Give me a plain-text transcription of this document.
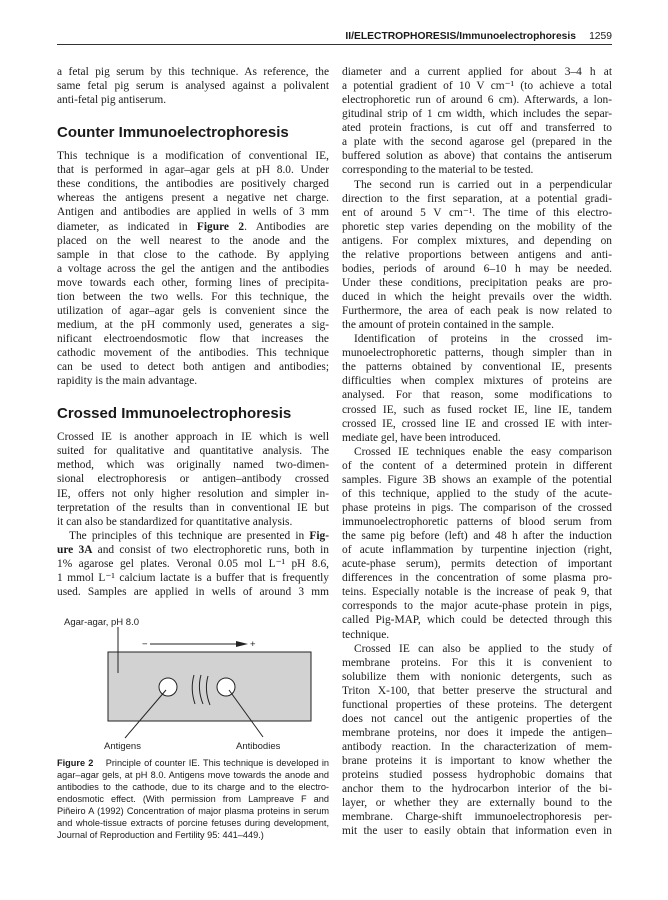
II/ELECTROPHORESIS/Immunoelectrophoresis 1259
a fetal pig serum by this technique. As reference, the
same fetal pig serum is analysed against a polivalent
anti-fetal pig antiserum.
Counter Immunoelectrophoresis
This technique is a modification of conventional IE,
that is performed in agar–agar gels at pH 8.0. Under
these conditions, the antibodies are positively charged
whereas the antigens present a negative net charge.
Antigen and antibodies are applied in wells of 3 mm
diameter, as indicated in Figure 2. Antibodies are
placed on the well nearest to the anode and the
sample in that close to the cathode. By applying
a voltage across the gel the antigen and the antibodies
move towards each other, forming lines of precipita-
tion between the two wells. For this technique, the
utilization of agar–agar gels is convenient since the
medium, at the pH commonly used, generates a sig-
nificant electroendosmotic flow that increases the
cathodic movement of the antibodies. This technique
can be used to detect both antigen and antibodies;
rapidity is the main advantage.
Crossed Immunoelectrophoresis
Crossed IE is another approach in IE which is well
suited for qualitative and quantitative analysis. The
method, which was originally named two-dimen-
sional electrophoresis or antigen–antibody crossed
IE, offers not only higher resolution and simpler in-
terpretation of the results than in conventional IE but
it can also be standardized for quantitative analysis.
The principles of this technique are presented in Fig-
ure 3A and consist of two electrophoretic runs, both in
1% agarose gel plates. Veronal 0.05 mol L⁻¹ pH 8.6,
1 mmol L⁻¹ calcium lactate is a buffer that is frequently
used. Samples are applied in wells of around 3 mm
diameter and a current applied for about 3–4 h at
a potential gradient of 10 V cm⁻¹ (to achieve a total
electrophoretic run of around 6 cm). Afterwards, a lon-
gitudinal strip of 1 cm width, which includes the separ-
ated protein fractions, is cut off and transferred to
a plate with the second agarose gel (prepared in the
buffered solution as above) that contains the antiserum
corresponding to the material to be tested.
The second run is carried out in a perpendicular
direction to the first separation, at a potential gradi-
ent of around 5 V cm⁻¹. The time of this electro-
phoretic step varies depending on the mobility of the
antigens. For complex mixtures, and depending on
the relative proportions between antigens and anti-
bodies, periods of around 6–10 h may be needed.
Under these conditions, precipitation peaks are pro-
duced in which the height prevails over the width.
Furthermore, the area of each peak is now related to
the amount of protein contained in the sample.
Identification of proteins in the crossed im-
munoelectrophoretic patterns, though simpler than in
the patterns obtained by conventional IE, presents
difficulties when complex mixtures of proteins are
analysed. For that reason, some modifications to
crossed IE, such as fused rocket IE, line IE, tandem
crossed IE, crossed line IE and crossed IE with inter-
mediate gel, have been introduced.
Crossed IE techniques enable the easy comparison
of the content of a determined protein in different
samples. Figure 3B shows an example of the potential
of this technique, applied to the study of the acute-
phase proteins in pigs. The comparison of the crossed
immunoelectrophoretic patterns of blood serum from
the same pig before (left) and 48 h after the induction
of acute inflammation by turpentine injection (right,
acute-phase serum), permits detection of important
differences in the concentration of some plasma pro-
teins. Especially notable is the increase of peak 9, that
corresponds to the major acute-phase protein in pigs,
called Pig-MAP, which could be detected through this
technique.
Crossed IE can also be applied to the study of
membrane proteins. For this it is convenient to
solubilize them with nonionic detergents, such as
Triton X-100, that better preserve the structural and
functional properties of these proteins. The detergent
does not cancel out the antigenic properties of the
membrane proteins, nor does it impede the antigen–
antibody reaction. In the characterization of mem-
brane proteins it is important to know whether the
proteins studied possess hydrophobic domains that
anchor them to the hydrocarbon interior of the bi-
layer, or whether they are externally bound to the
membrane. Charge-shift immunoelectrophoresis per-
mit the user to easily obtain that information even in
Agar-agar, pH 8.0
−	+
Antigens	Antibodies
Figure 2  Principle of counter IE. This technique is developed in
agar–agar gels, at pH 8.0. Antigens move towards the anode and
antibodies to the cathode, due to its charge and to the electro-
endosmotic effect. (With permission from Lampreave F and
Piñeiro A (1992) Concentration of major plasma proteins in serum
and whole-tissue extracts of porcine fetuses during development,
Journal of Reproduction and Fertility 95: 441–449.)
